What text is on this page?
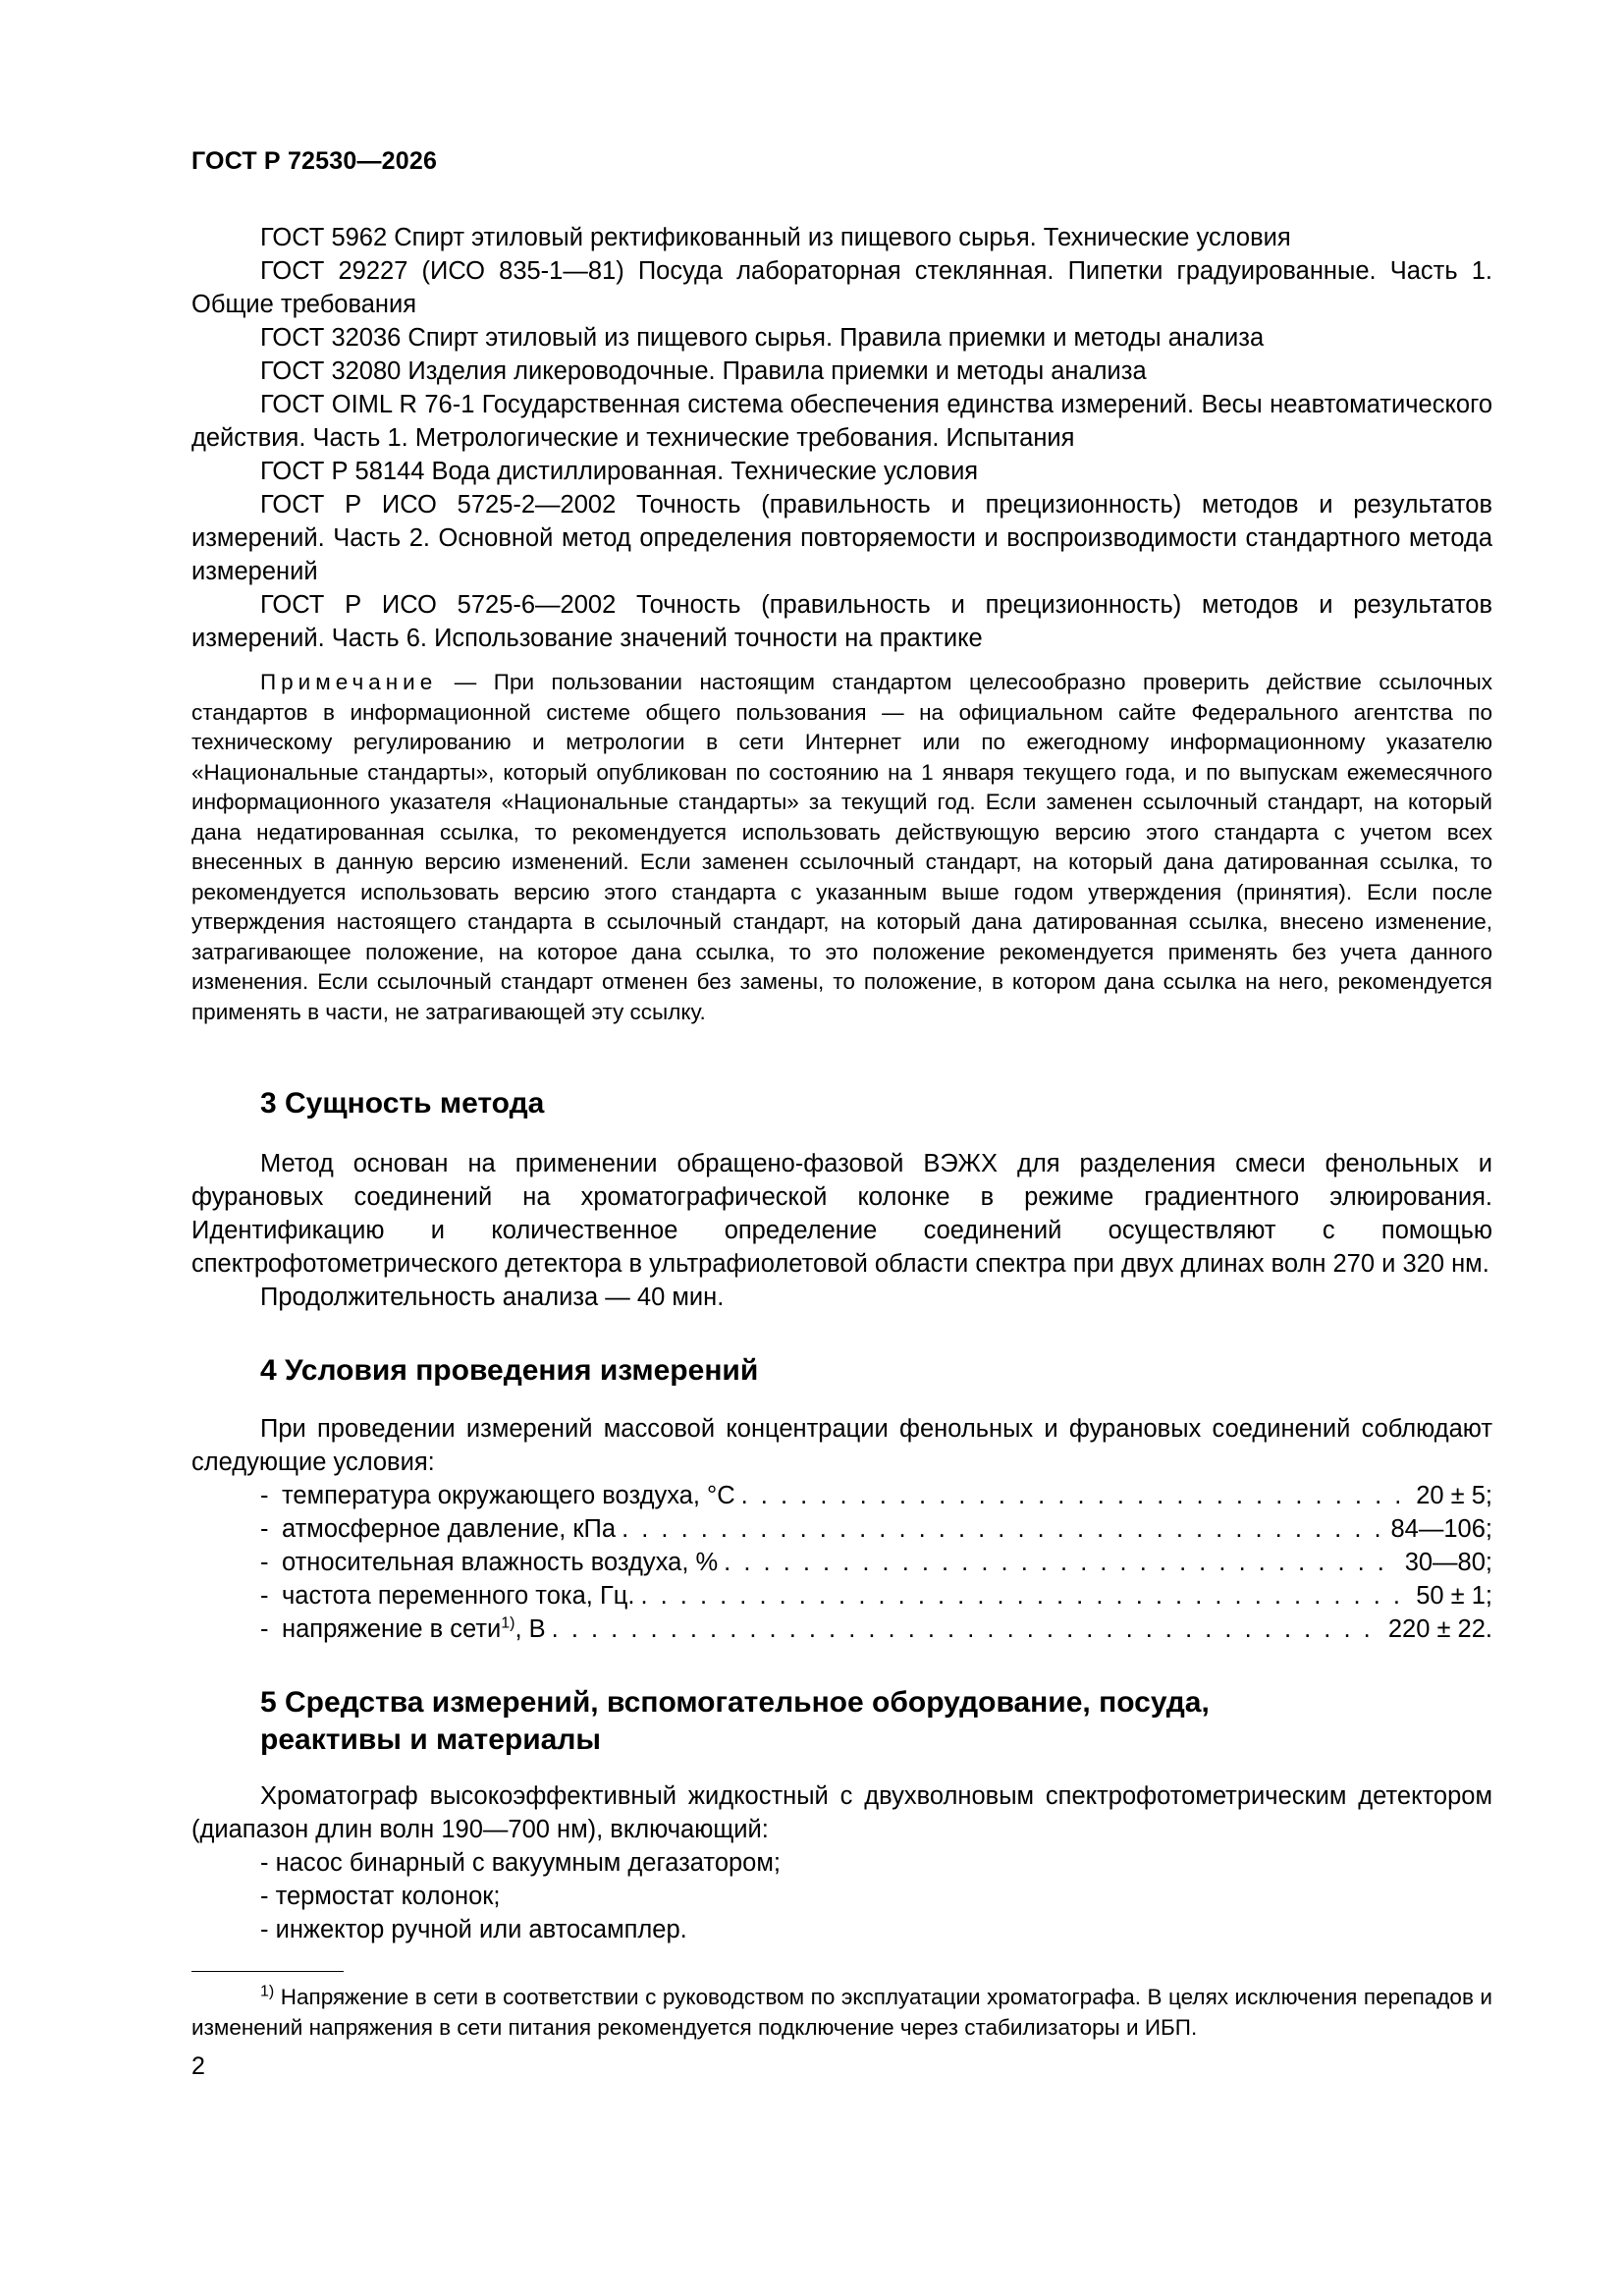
ГОСТ Р 72530—2026

ГОСТ 5962 Спирт этиловый ректификованный из пищевого сырья. Технические условия

ГОСТ 29227 (ИСО 835-1—81) Посуда лабораторная стеклянная. Пипетки градуированные. Часть 1. Общие требования

ГОСТ 32036 Спирт этиловый из пищевого сырья. Правила приемки и методы анализа

ГОСТ 32080 Изделия ликероводочные. Правила приемки и методы анализа

ГОСТ OIML R 76-1 Государственная система обеспечения единства измерений. Весы неавтоматического действия. Часть 1. Метрологические и технические требования. Испытания

ГОСТ Р 58144 Вода дистиллированная. Технические условия

ГОСТ Р ИСО 5725-2—2002 Точность (правильность и прецизионность) методов и результатов измерений. Часть 2. Основной метод определения повторяемости и воспроизводимости стандартного метода измерений

ГОСТ Р ИСО 5725-6—2002 Точность (правильность и прецизионность) методов и результатов измерений. Часть 6. Использование значений точности на практике

Примечание — При пользовании настоящим стандартом целесообразно проверить действие ссылочных стандартов в информационной системе общего пользования — на официальном сайте Федерального агентства по техническому регулированию и метрологии в сети Интернет или по ежегодному информационному указателю «Национальные стандарты», который опубликован по состоянию на 1 января текущего года, и по выпускам ежемесячного информационного указателя «Национальные стандарты» за текущий год. Если заменен ссылочный стандарт, на который дана недатированная ссылка, то рекомендуется использовать действующую версию этого стандарта с учетом всех внесенных в данную версию изменений. Если заменен ссылочный стандарт, на который дана датированная ссылка, то рекомендуется использовать версию этого стандарта с указанным выше годом утверждения (принятия). Если после утверждения настоящего стандарта в ссылочный стандарт, на который дана датированная ссылка, внесено изменение, затрагивающее положение, на которое дана ссылка, то это положение рекомендуется применять без учета данного изменения. Если ссылочный стандарт отменен без замены, то положение, в котором дана ссылка на него, рекомендуется применять в части, не затрагивающей эту ссылку.

3 Сущность метода

Метод основан на применении обращено-фазовой ВЭЖХ для разделения смеси фенольных и фурановых соединений на хроматографической колонке в режиме градиентного элюирования. Идентификацию и количественное определение соединений осуществляют с помощью спектрофотометрического детектора в ультрафиолетовой области спектра при двух длинах волн 270 и 320 нм.

Продолжительность анализа — 40 мин.

4 Условия проведения измерений

При проведении измерений массовой концентрации фенольных и фурановых соединений соблюдают следующие условия:

- температура окружающего воздуха, °С . . .	20 ± 5;
- атмосферное давление, кПа . . .	84—106;
- относительная влажность воздуха, % . . .	30—80;
- частота переменного тока, Гц. . . .	50 ± 1;
- напряжение в сети$^{1)}$, В . . .	220 ± 22.
5 Средства измерений, вспомогательное оборудование, посуда,
реактивы и материалы

Хроматограф высокоэффективный жидкостный с двухволновым спектрофотометрическим детектором (диапазон длин волн 190—700 нм), включающий:

- насос бинарный с вакуумным дегазатором;
- термостат колонок;
- инжектор ручной или автосамплер.

$^{1)}$ Напряжение в сети в соответствии с руководством по эксплуатации хроматографа. В целях исключения перепадов и изменений напряжения в сети питания рекомендуется подключение через стабилизаторы и ИБП.

2
